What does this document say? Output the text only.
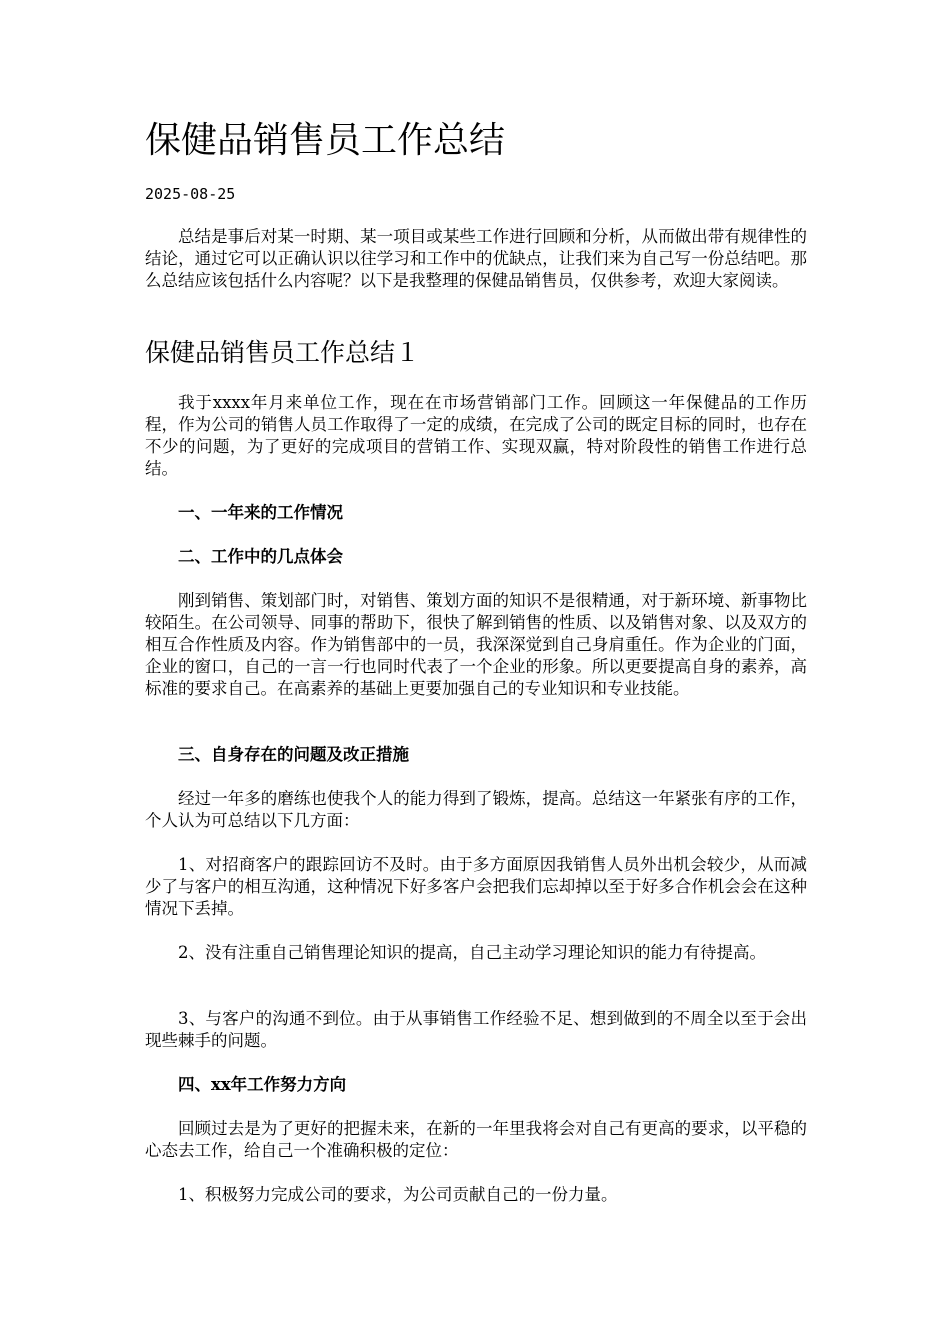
保健品销售员工作总结
2025-08-25

总结是事后对某一时期、某一项目或某些工作进行回顾和分析，从而做出带有规律性的结论，通过它可以正确认识以往学习和工作中的优缺点，让我们来为自己写一份总结吧。那么总结应该包括什么内容呢？以下是我整理的保健品销售员，仅供参考，欢迎大家阅读。

保健品销售员工作总结１

我于xxxx年月来单位工作，现在在市场营销部门工作。回顾这一年保健品的工作历程，作为公司的销售人员工作取得了一定的成绩，在完成了公司的既定目标的同时，也存在不少的问题，为了更好的完成项目的营销工作、实现双赢，特对阶段性的销售工作进行总结。

一、一年来的工作情况
二、工作中的几点体会

刚到销售、策划部门时，对销售、策划方面的知识不是很精通，对于新环境、新事物比较陌生。在公司领导、同事的帮助下，很快了解到销售的性质、以及销售对象、以及双方的相互合作性质及内容。作为销售部中的一员，我深深觉到自己身肩重任。作为企业的门面，企业的窗口，自己的一言一行也同时代表了一个企业的形象。所以更要提高自身的素养，高标准的要求自己。在高素养的基础上更要加强自己的专业知识和专业技能。

三、自身存在的问题及改正措施

经过一年多的磨练也使我个人的能力得到了锻炼，提高。总结这一年紧张有序的工作，个人认为可总结以下几方面：

1、对招商客户的跟踪回访不及时。由于多方面原因我销售人员外出机会较少，从而减少了与客户的相互沟通，这种情况下好多客户会把我们忘却掉以至于好多合作机会会在这种情况下丢掉。

2、没有注重自己销售理论知识的提高，自己主动学习理论知识的能力有待提高。

3、与客户的沟通不到位。由于从事销售工作经验不足、想到做到的不周全以至于会出现些棘手的问题。

四、xx年工作努力方向

回顾过去是为了更好的把握未来，在新的一年里我将会对自己有更高的要求，以平稳的心态去工作，给自己一个准确积极的定位：

1、积极努力完成公司的要求，为公司贡献自己的一份力量。
